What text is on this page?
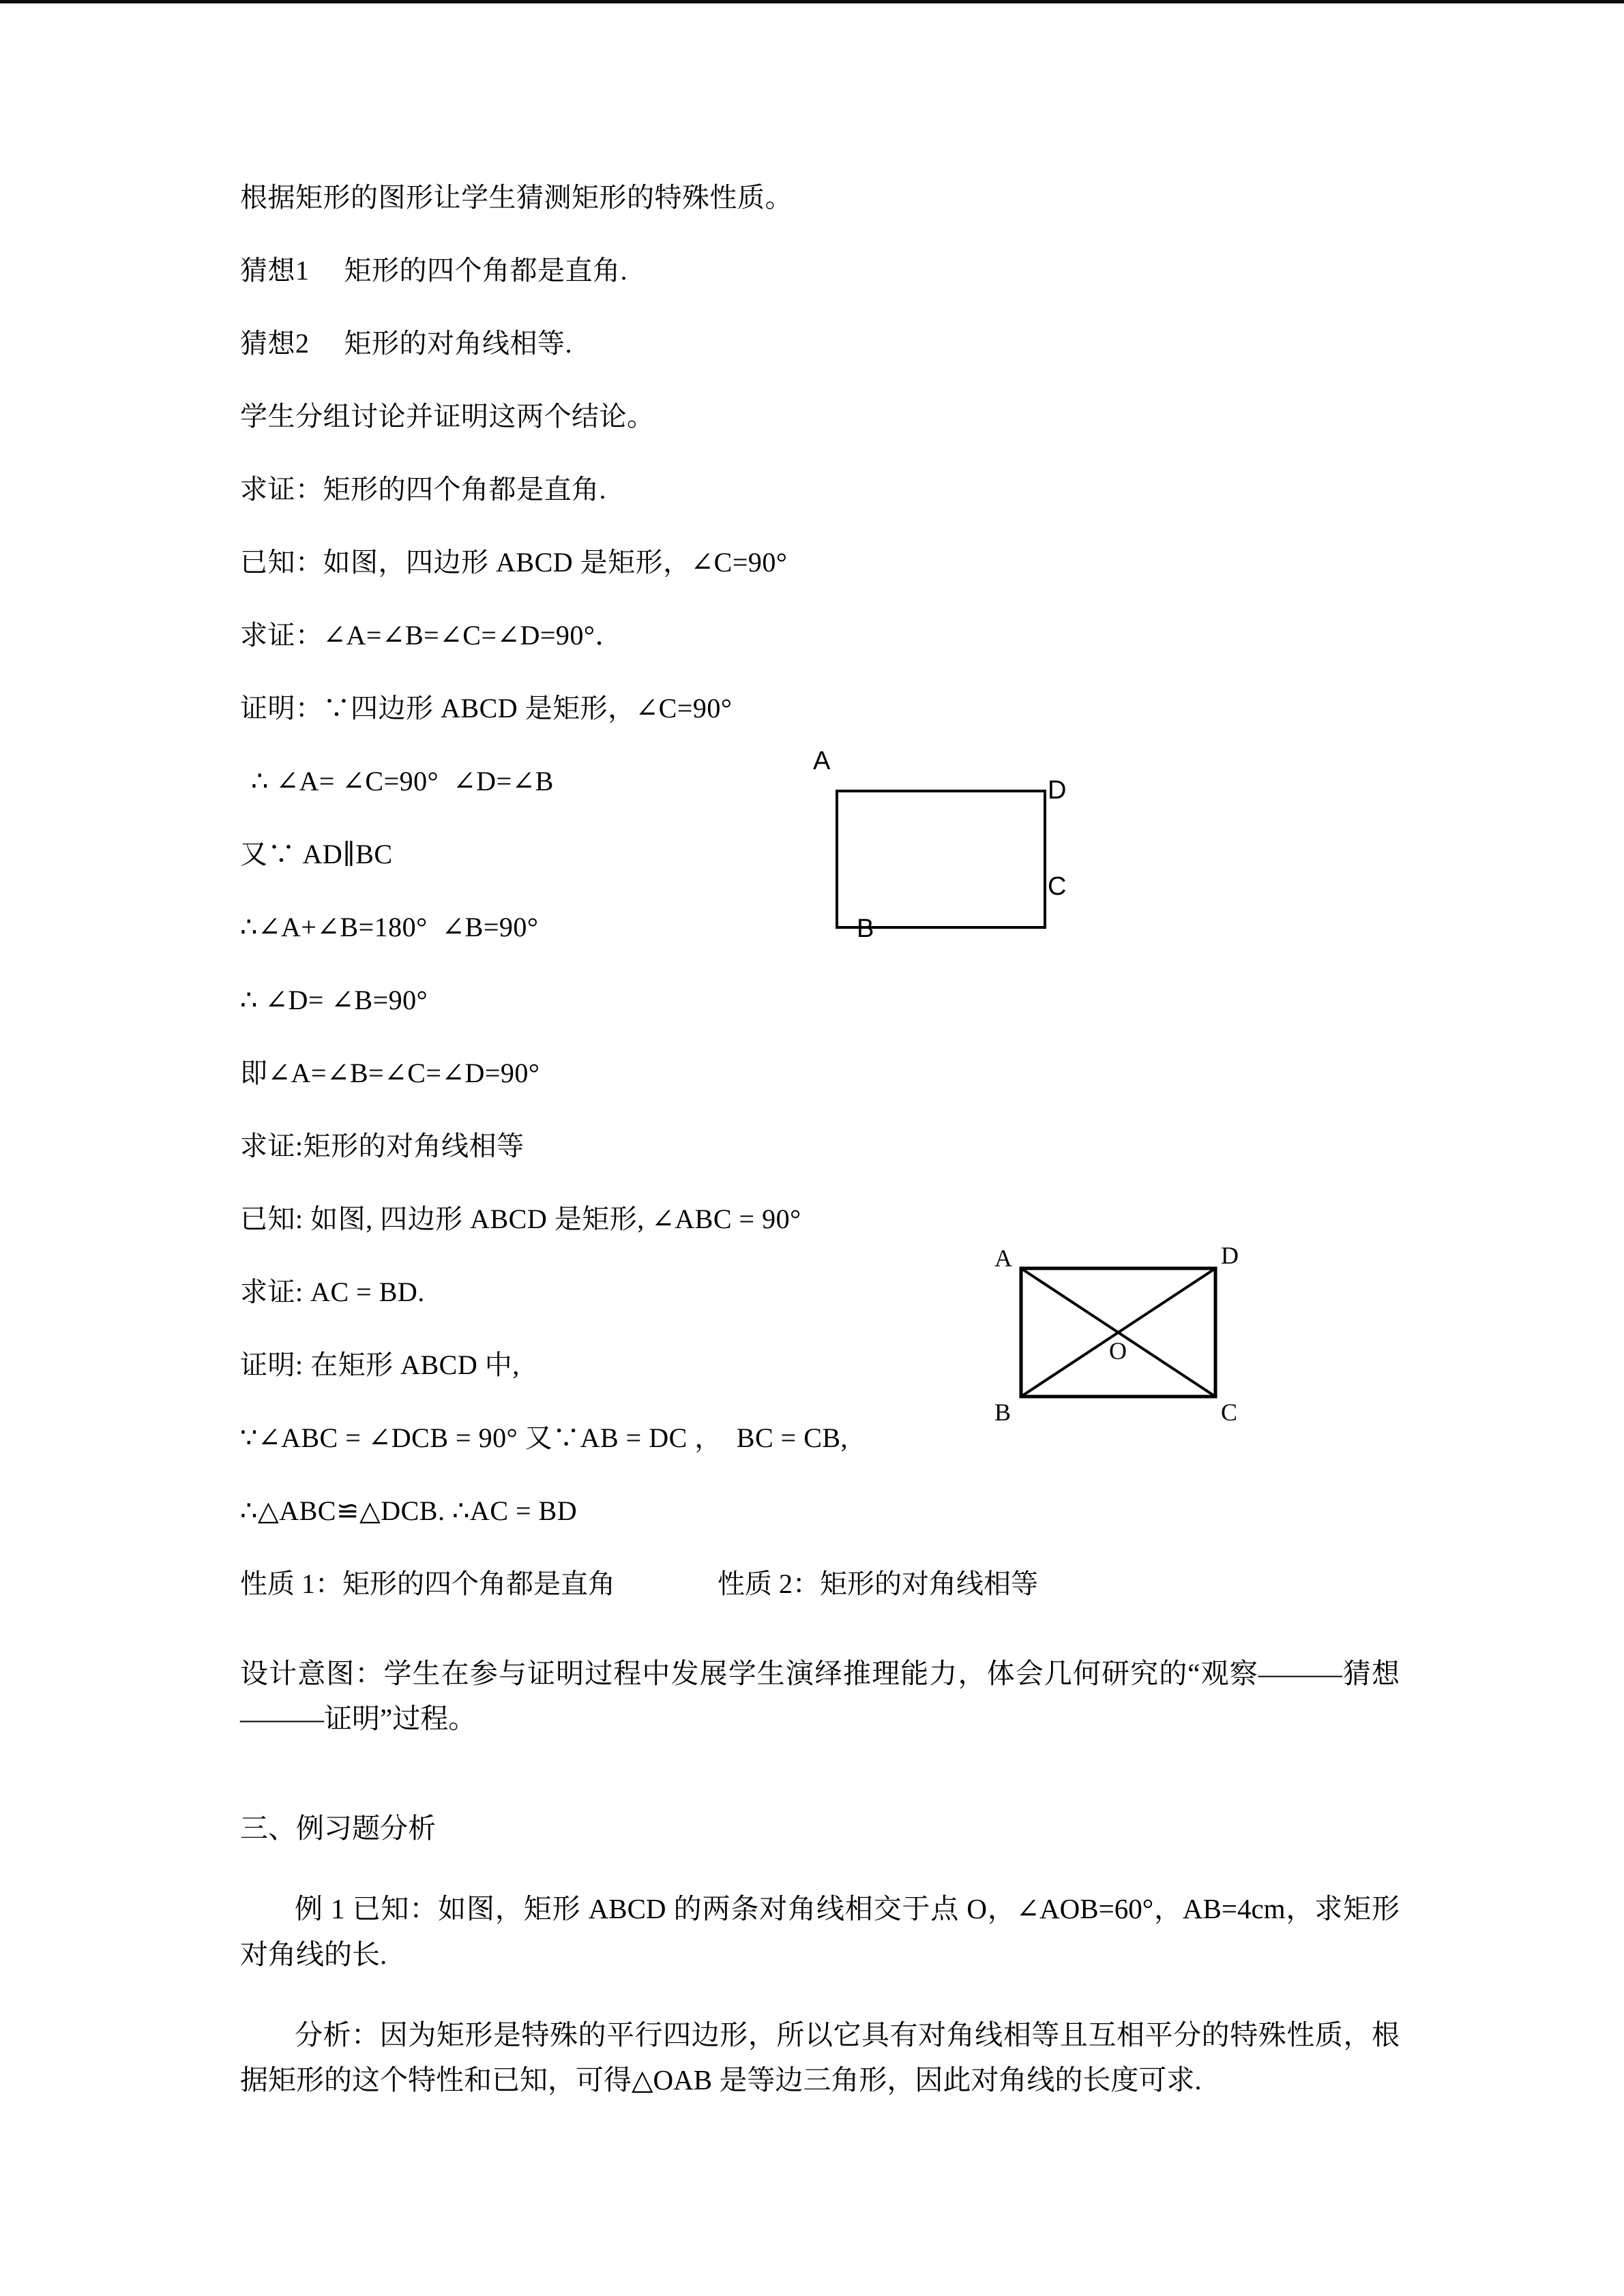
A
D
C
B
A	D
B	C
O

根据矩形的图形让学生猜测矩形的特殊性质。

猜想1　 矩形的四个角都是直角.

猜想2　 矩形的对角线相等.

学生分组讨论并证明这两个结论。

求证：矩形的四个角都是直角.

已知：如图，四边形 ABCD 是矩形，∠C=90°

求证：∠A=∠B=∠C=∠D=90°．

证明：∵四边形 ABCD 是矩形，∠C=90°

∴ ∠A= ∠C=90°  ∠D=∠B

又∵ AD∥BC

∴∠A+∠B=180°  ∠B=90°

∴ ∠D= ∠B=90°

即∠A=∠B=∠C=∠D=90°

求证:矩形的对角线相等

已知: 如图, 四边形 ABCD 是矩形, ∠ABC = 90°

求证: AC = BD.

证明: 在矩形 ABCD 中,

∵∠ABC = ∠DCB = 90° 又∵AB = DC ，  BC = CB,

∴△ABC≌△DCB. ∴AC = BD

性质 1：矩形的四个角都是直角	性质 2：矩形的对角线相等

设计意图：学生在参与证明过程中发展学生演绎推理能力，体会几何研究的“观察———猜想———证明”过程。

三、例习题分析

例 1 已知：如图，矩形 ABCD 的两条对角线相交于点 O，∠AOB=60°，AB=4cm，求矩形对角线的长.

分析：因为矩形是特殊的平行四边形，所以它具有对角线相等且互相平分的特殊性质，根据矩形的这个特性和已知，可得△OAB 是等边三角形，因此对角线的长度可求.
